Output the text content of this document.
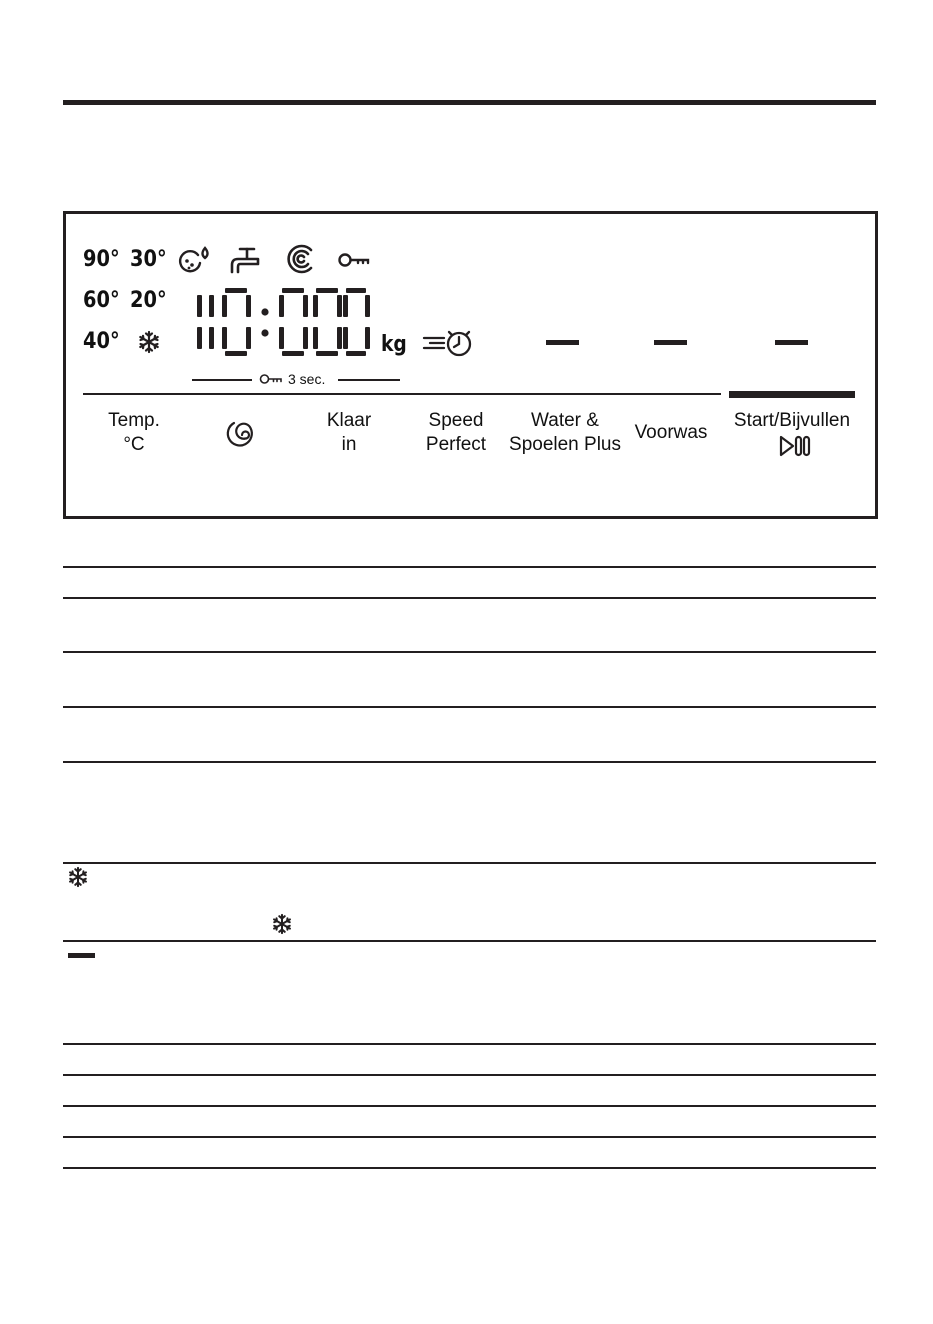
90° 30°
60° 20°
40°	kg
3 sec.
Temp.
°C
Klaar
in
Speed
Perfect
Water &
Spoelen Plus
Voorwas
Start/Bijvullen
